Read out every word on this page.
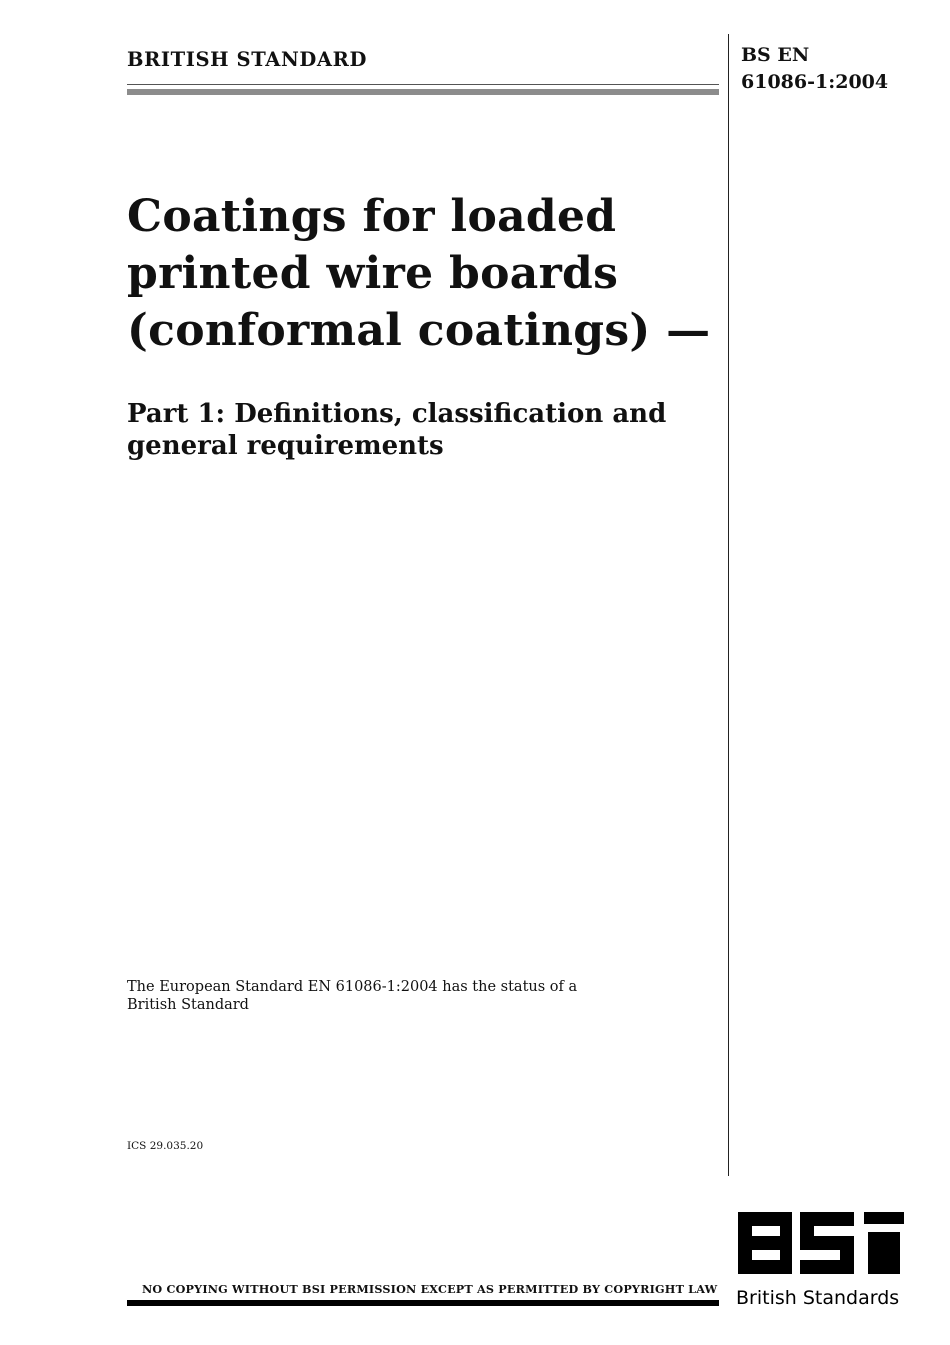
BRITISH STANDARD	BS EN
61086-1:2004
Coatings for loaded
printed wire boards
(conformal coatings) —
Part 1: Definitions, classification and
general requirements
The European Standard EN 61086-1:2004 has the status of a
British Standard
ICS 29.035.20
NO COPYING WITHOUT BSI PERMISSION EXCEPT AS PERMITTED BY COPYRIGHT LAW British Standards
